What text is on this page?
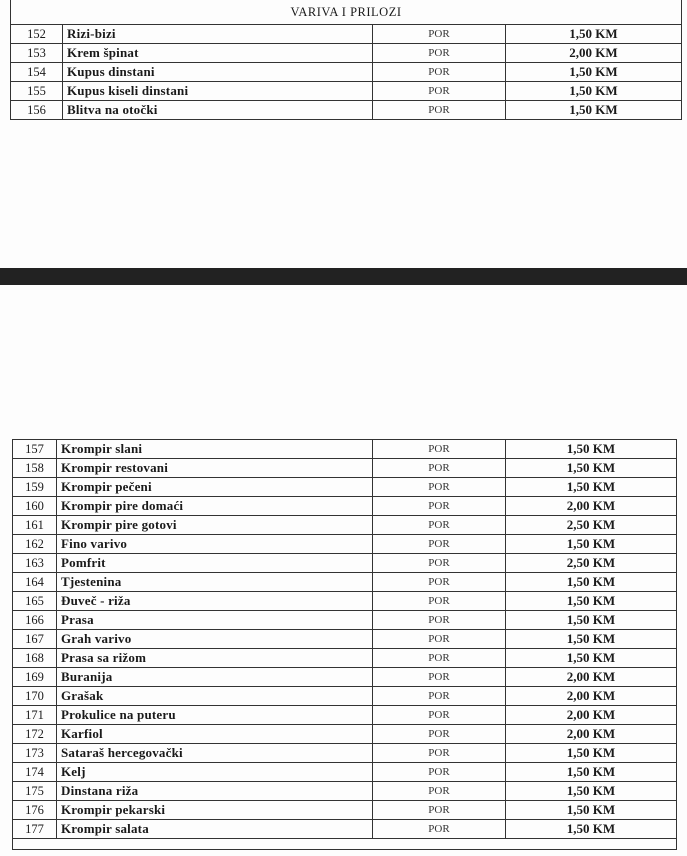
VARIVA I PRILOZI			
152	Rizi-bizi	POR	1,50 KM
153	Krem špinat	POR	2,00 KM
154	Kupus dinstani	POR	1,50 KM
155	Kupus kiseli dinstani	POR	1,50 KM
156	Blitva na otočki	POR	1,50 KM
157	Krompir slani	POR	1,50 KM
158	Krompir restovani	POR	1,50 KM
159	Krompir pečeni	POR	1,50 KM
160	Krompir pire domaći	POR	2,00 KM
161	Krompir pire gotovi	POR	2,50 KM
162	Fino varivo	POR	1,50 KM
163	Pomfrit	POR	2,50 KM
164	Tjestenina	POR	1,50 KM
165	Đuveč - riža	POR	1,50 KM
166	Prasa	POR	1,50 KM
167	Grah varivo	POR	1,50 KM
168	Prasa sa rižom	POR	1,50 KM
169	Buranija	POR	2,00 KM
170	Grašak	POR	2,00 KM
171	Prokulice na puteru	POR	2,00 KM
172	Karfiol	POR	2,00 KM
173	Sataraš hercegovački	POR	1,50 KM
174	Kelj	POR	1,50 KM
175	Dinstana riža	POR	1,50 KM
176	Krompir pekarski	POR	1,50 KM
177	Krompir salata	POR	1,50 KM
